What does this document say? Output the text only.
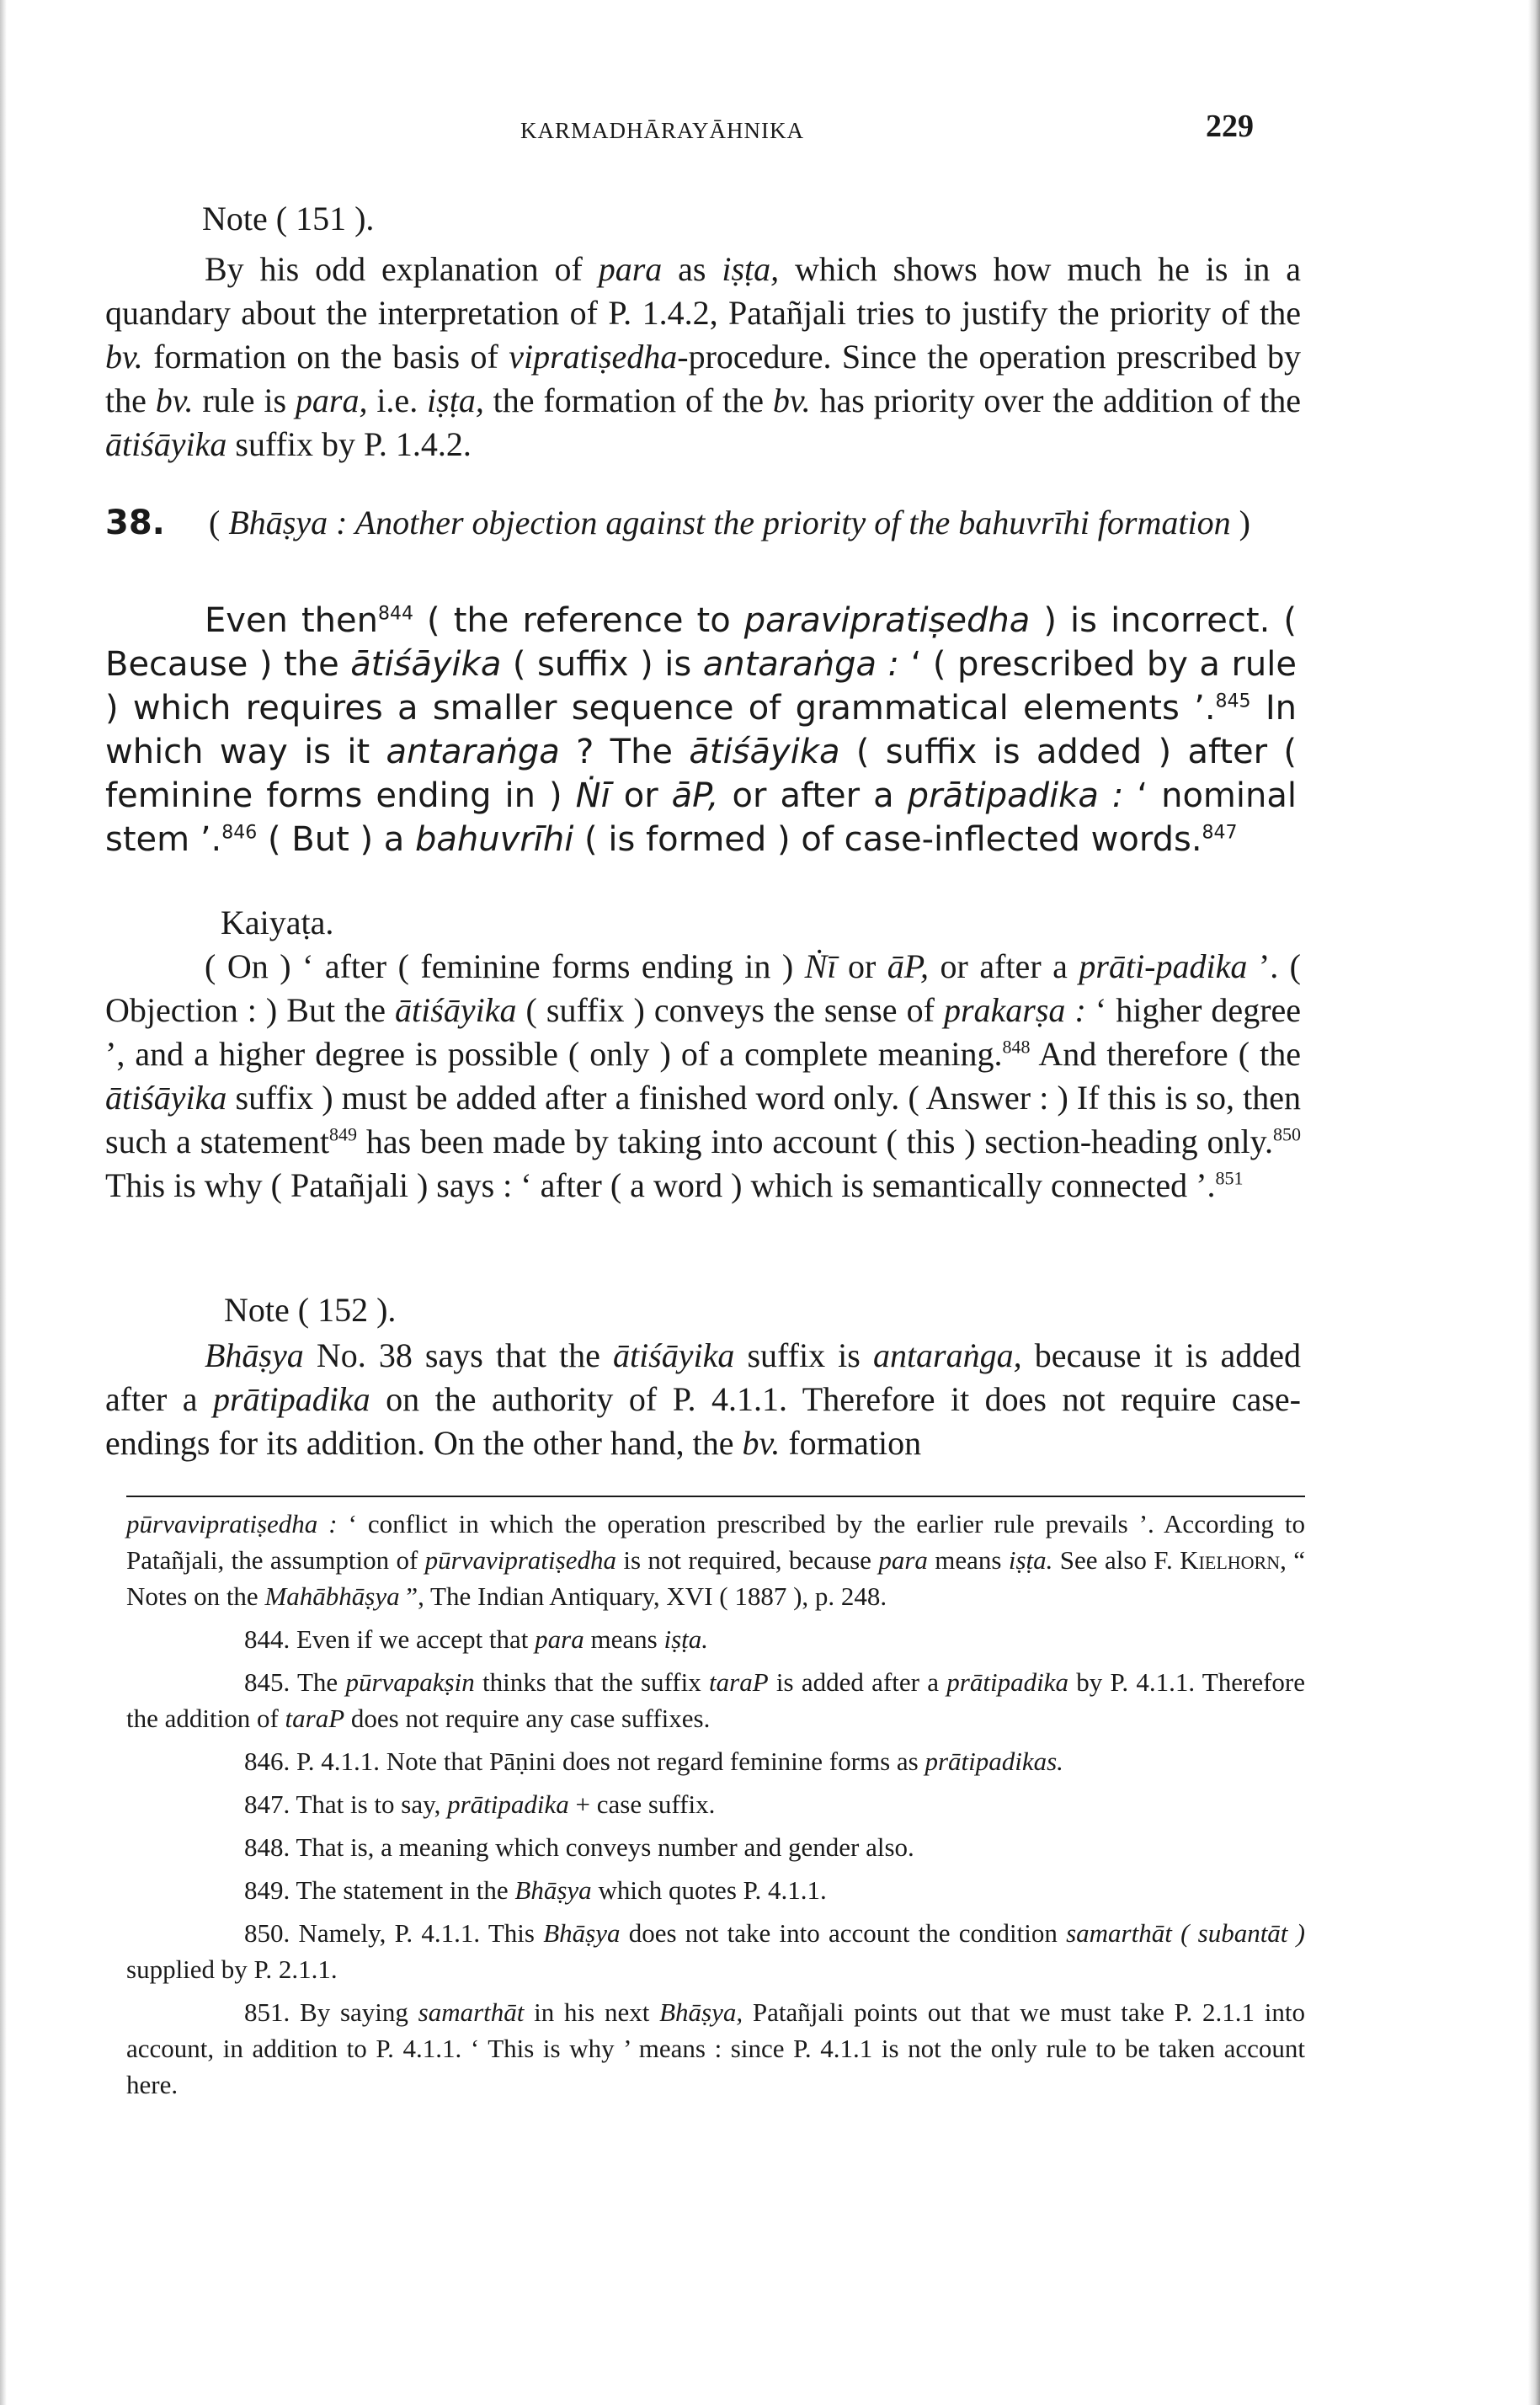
KARMADHĀRAYĀHNIKA	229
Note ( 151 ).

By his odd explanation of para as iṣṭa, which shows how much he is in a quandary about the interpretation of P. 1.4.2, Patañjali tries to justify the priority of the bv. formation on the basis of vipratiṣedha-procedure. Since the operation prescribed by the bv. rule is para, i.e. iṣṭa, the formation of the bv. has priority over the addition of the ātiśāyika suffix by P. 1.4.2.

38. ( Bhāṣya : Another objection against the priority of the bahuvrīhi formation )

Even then$^{844}$ ( the reference to paravipratiṣedha ) is incorrect. ( Because ) the ātiśāyika ( suffix ) is antaraṅga : ‘ ( prescribed by a rule ) which requires a smaller sequence of grammatical elements ’.$^{845}$ In which way is it antaraṅga ? The ātiśāyika ( suffix is added ) after ( feminine forms ending in ) Ṅī or āP, or after a prātipadika : ‘ nominal stem ’.$^{846}$ ( But ) a bahuvrīhi ( is formed ) of case-inflected words.$^{847}$

Kaiyaṭa.

( On ) ‘ after ( feminine forms ending in ) Ṅī or āP, or after a prāti-padika ’. ( Objection : ) But the ātiśāyika ( suffix ) conveys the sense of prakarṣa : ‘ higher degree ’, and a higher degree is possible ( only ) of a complete meaning.$^{848}$ And therefore ( the ātiśāyika suffix ) must be added after a finished word only. ( Answer : ) If this is so, then such a statement$^{849}$ has been made by taking into account ( this ) section-heading only.$^{850}$ This is why ( Patañjali ) says : ‘ after ( a word ) which is semantically connected ’.$^{851}$

Note ( 152 ).

Bhāṣya No. 38 says that the ātiśāyika suffix is antaraṅga, because it is added after a prātipadika on the authority of P. 4.1.1. Therefore it does not require case-endings for its addition. On the other hand, the bv. formation

pūrvavipratiṣedha : ‘ conflict in which the operation prescribed by the earlier rule prevails ’. According to Patañjali, the assumption of pūrvavipratiṣedha is not required, because para means iṣṭa. See also F. Kielhorn, “ Notes on the Mahābhāṣya ”, The Indian Antiquary, XVI ( 1887 ), p. 248.

844. Even if we accept that para means iṣṭa.

845. The pūrvapakṣin thinks that the suffix taraP is added after a prātipadika by P. 4.1.1. Therefore the addition of taraP does not require any case suffixes.

846. P. 4.1.1. Note that Pāṇini does not regard feminine forms as prātipadikas.

847. That is to say, prātipadika + case suffix.

848. That is, a meaning which conveys number and gender also.

849. The statement in the Bhāṣya which quotes P. 4.1.1.

850. Namely, P. 4.1.1. This Bhāṣya does not take into account the condition samarthāt ( subantāt ) supplied by P. 2.1.1.

851. By saying samarthāt in his next Bhāṣya, Patañjali points out that we must take P. 2.1.1 into account, in addition to P. 4.1.1. ‘ This is why ’ means : since P. 4.1.1 is not the only rule to be taken account here.
